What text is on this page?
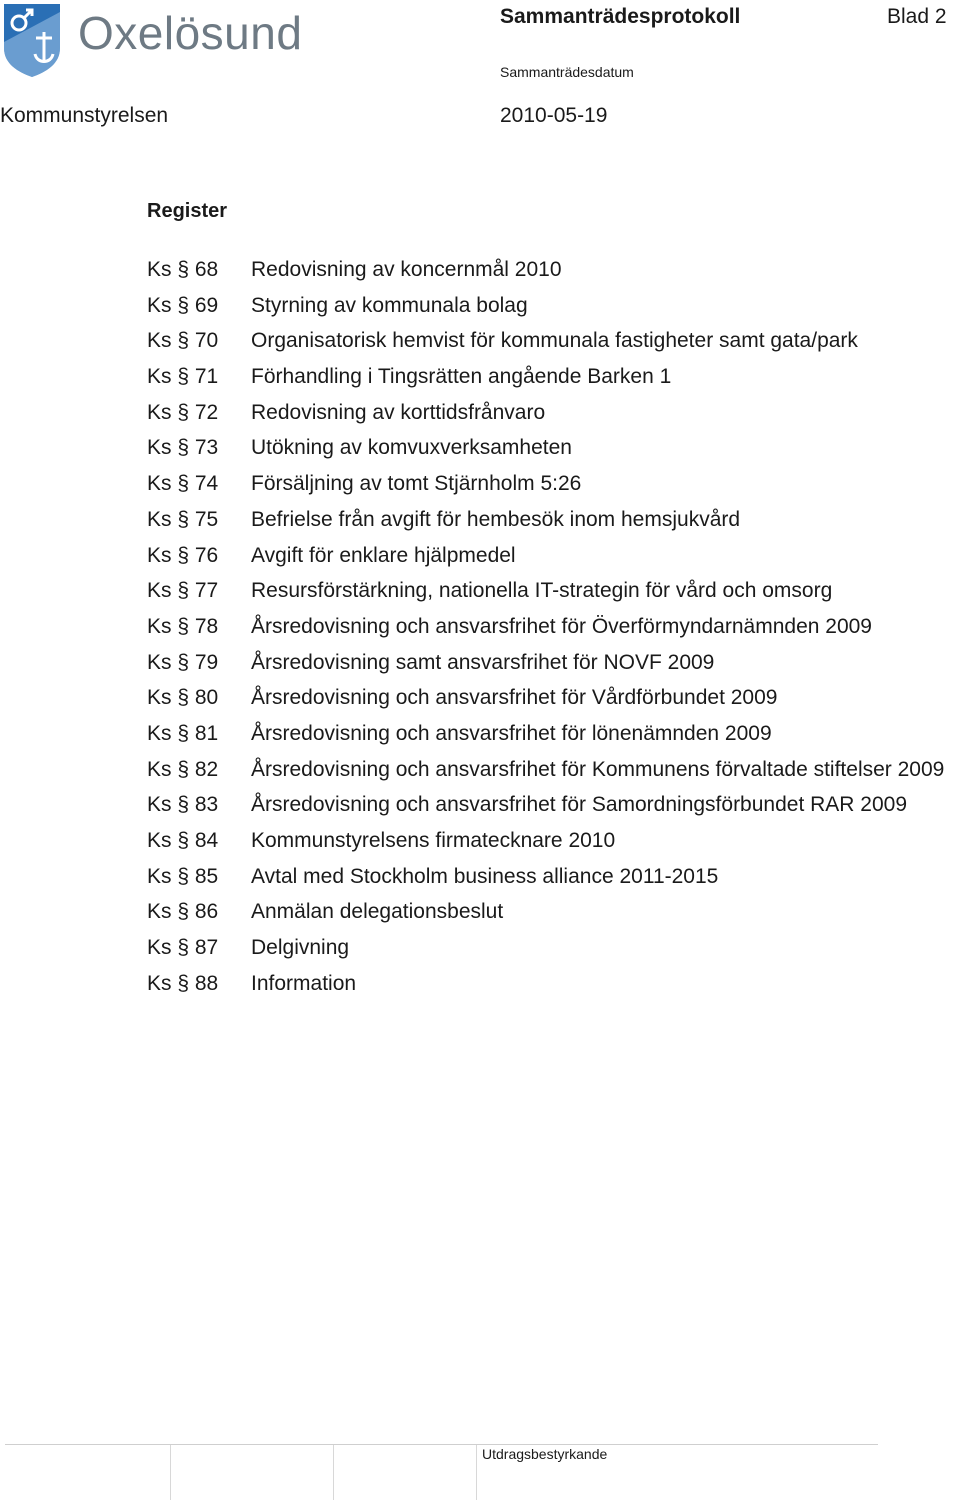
Oxelösund	Sammanträdesprotokoll	Blad 2
Sammanträdesdatum
Kommunstyrelsen	2010-05-19
Register
Ks § 68	Redovisning av koncernmål 2010
Ks § 69	Styrning av kommunala bolag
Ks § 70	Organisatorisk hemvist för kommunala fastigheter samt gata/park
Ks § 71	Förhandling i Tingsrätten angående Barken 1
Ks § 72	Redovisning av korttidsfrånvaro
Ks § 73	Utökning av komvuxverksamheten
Ks § 74	Försäljning av tomt Stjärnholm 5:26
Ks § 75	Befrielse från avgift för hembesök inom hemsjukvård
Ks § 76	Avgift för enklare hjälpmedel
Ks § 77	Resursförstärkning, nationella IT-strategin för vård och omsorg
Ks § 78	Årsredovisning och ansvarsfrihet för Överförmyndarnämnden 2009
Ks § 79	Årsredovisning samt ansvarsfrihet för NOVF 2009
Ks § 80	Årsredovisning och ansvarsfrihet för Vårdförbundet 2009
Ks § 81	Årsredovisning och ansvarsfrihet för lönenämnden 2009
Ks § 82	Årsredovisning och ansvarsfrihet för Kommunens förvaltade stiftelser 2009
Ks § 83	Årsredovisning och ansvarsfrihet för Samordningsförbundet RAR 2009
Ks § 84	Kommunstyrelsens firmatecknare 2010
Ks § 85	Avtal med Stockholm business alliance 2011-2015
Ks § 86	Anmälan delegationsbeslut
Ks § 87	Delgivning
Ks § 88	Information
Utdragsbestyrkande
